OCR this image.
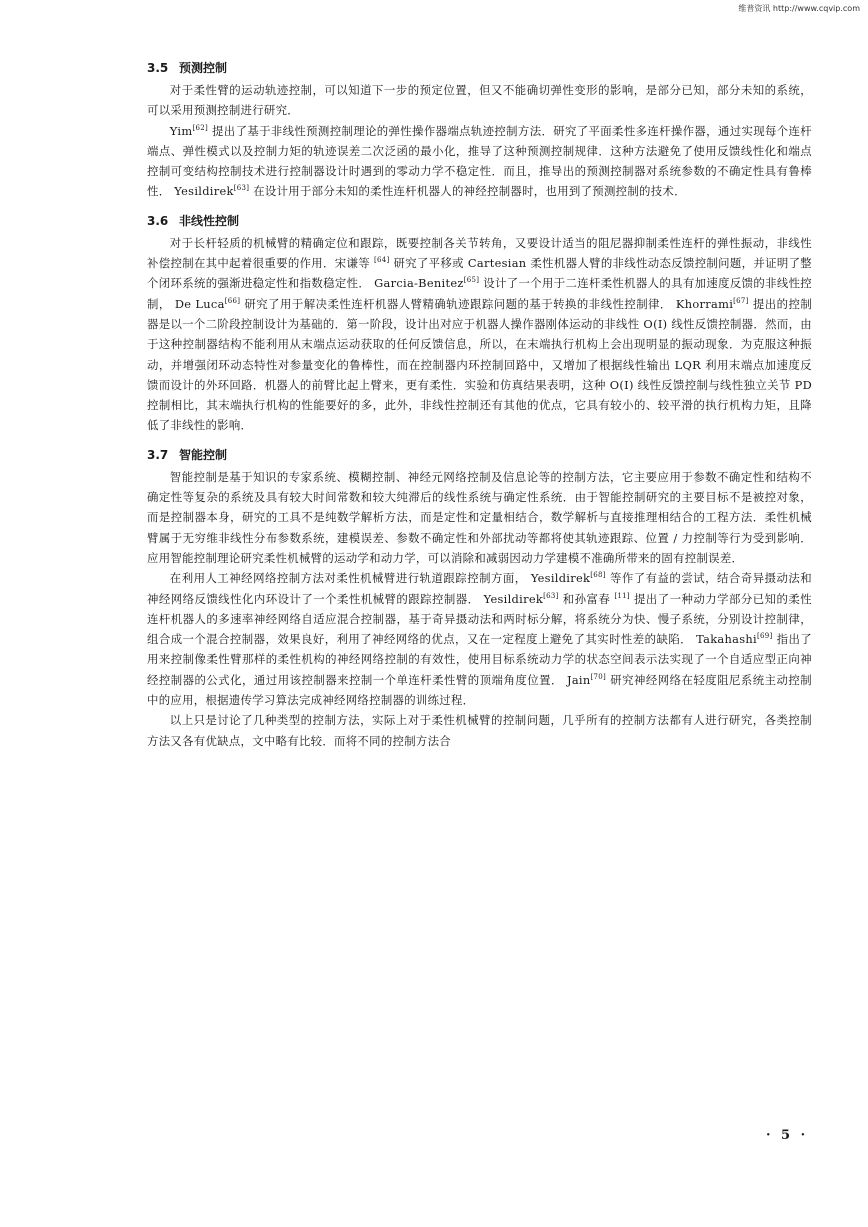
维普资讯 http://www.cqvip.com
3.5 预测控制

对于柔性臂的运动轨迹控制，可以知道下一步的预定位置，但又不能确切弹性变形的影响，是部分已知，部分未知的系统，可以采用预测控制进行研究．

Yim[62] 提出了基于非线性预测控制理论的弹性操作器端点轨迹控制方法．研究了平面柔性多连杆操作器，通过实现每个连杆端点、弹性模式以及控制力矩的轨迹误差二次泛函的最小化，推导了这种预测控制规律．这种方法避免了使用反馈线性化和端点控制可变结构控制技术进行控制器设计时遇到的零动力学不稳定性．而且，推导出的预测控制器对系统参数的不确定性具有鲁棒性． Yesildirek[63] 在设计用于部分未知的柔性连杆机器人的神经控制器时，也用到了预测控制的技术．

3.6 非线性控制

对于长杆轻质的机械臂的精确定位和跟踪，既要控制各关节转角，又要设计适当的阻尼器抑制柔性连杆的弹性振动，非线性补偿控制在其中起着很重要的作用．宋谦等 [64] 研究了平移或 Cartesian 柔性机器人臂的非线性动态反馈控制问题，并证明了整个闭环系统的强渐进稳定性和指数稳定性． Garcia-Benitez[65] 设计了一个用于二连杆柔性机器人的具有加速度反馈的非线性控制， De Luca[66] 研究了用于解决柔性连杆机器人臂精确轨迹跟踪问题的基于转换的非线性控制律． Khorrami[67] 提出的控制器是以一个二阶段控制设计为基础的．第一阶段，设计出对应于机器人操作器刚体运动的非线性 O(I) 线性反馈控制器．然而，由于这种控制器结构不能利用从末端点运动获取的任何反馈信息，所以，在末端执行机构上会出现明显的振动现象．为克服这种振动，并增强闭环动态特性对参量变化的鲁棒性，而在控制器内环控制回路中，又增加了根据线性输出 LQR 利用末端点加速度反馈而设计的外环回路．机器人的前臂比起上臂来，更有柔性．实验和仿真结果表明，这种 O(I) 线性反馈控制与线性独立关节 PD 控制相比，其末端执行机构的性能要好的多，此外，非线性控制还有其他的优点，它具有较小的、较平滑的执行机构力矩，且降低了非线性的影响．

3.7 智能控制

智能控制是基于知识的专家系统、模糊控制、神经元网络控制及信息论等的控制方法，它主要应用于参数不确定性和结构不确定性等复杂的系统及具有较大时间常数和较大纯滞后的线性系统与确定性系统．由于智能控制研究的主要目标不是被控对象，而是控制器本身，研究的工具不是纯数学解析方法，而是定性和定量相结合，数学解析与直接推理相结合的工程方法．柔性机械臂属于无穷维非线性分布参数系统，建模误差、参数不确定性和外部扰动等都将使其轨迹跟踪、位置 / 力控制等行为受到影响．应用智能控制理论研究柔性机械臂的运动学和动力学，可以消除和减弱因动力学建模不准确所带来的固有控制误差．

在利用人工神经网络控制方法对柔性机械臂进行轨道跟踪控制方面， Yesildirek[68] 等作了有益的尝试，结合奇异摄动法和神经网络反馈线性化内环设计了一个柔性机械臂的跟踪控制器． Yesildirek[63] 和孙富春 [11] 提出了一种动力学部分已知的柔性连杆机器人的多速率神经网络自适应混合控制器，基于奇异摄动法和两时标分解，将系统分为快、慢子系统，分别设计控制律，组合成一个混合控制器，效果良好，利用了神经网络的优点，又在一定程度上避免了其实时性差的缺陷． Takahashi[69] 指出了用来控制像柔性臂那样的柔性机构的神经网络控制的有效性，使用目标系统动力学的状态空间表示法实现了一个自适应型正向神经控制器的公式化，通过用该控制器来控制一个单连杆柔性臂的顶端角度位置． Jain[70] 研究神经网络在轻度阻尼系统主动控制中的应用，根据遗传学习算法完成神经网络控制器的训练过程．

以上只是讨论了几种类型的控制方法，实际上对于柔性机械臂的控制问题，几乎所有的控制方法都有人进行研究，各类控制方法又各有优缺点，文中略有比较．而将不同的控制方法合

· 5 ·
